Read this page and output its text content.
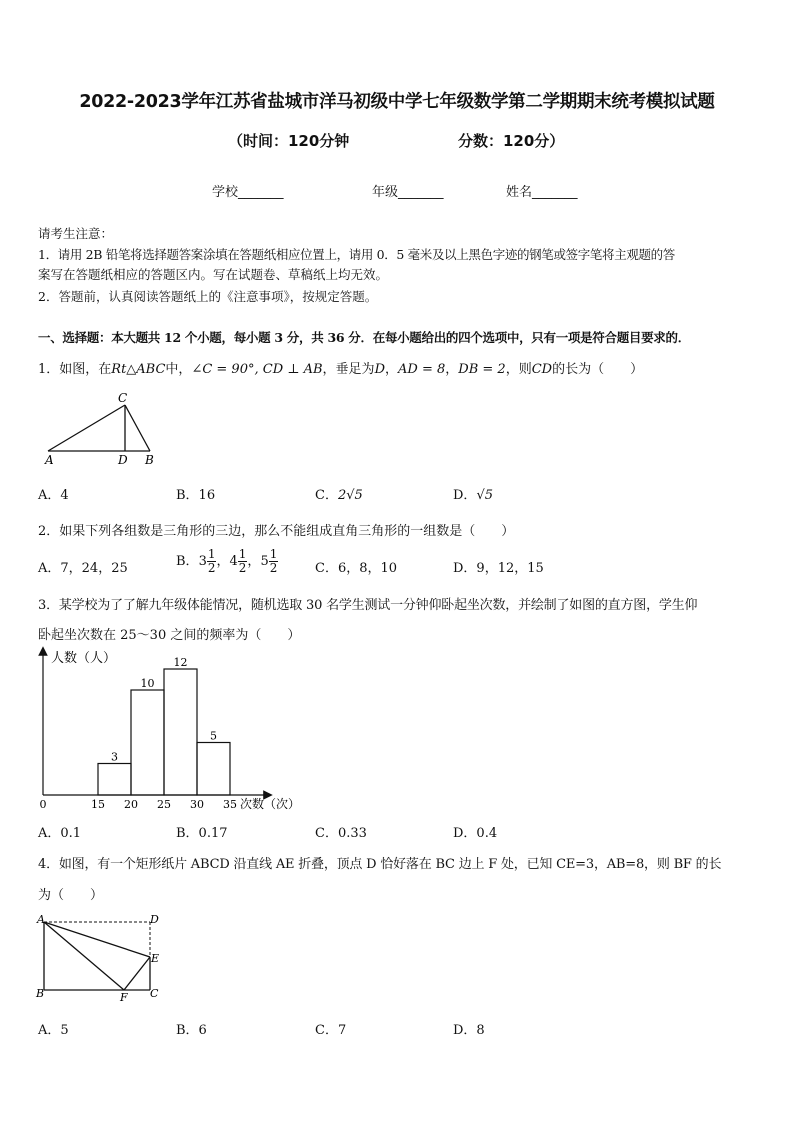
2022-2023学年江苏省盐城市洋马初级中学七年级数学第二学期期末统考模拟试题
（时间：120分钟	分数：120分）
学校_______	年级_______	姓名_______
请考生注意：
1．请用 2B 铅笔将选择题答案涂填在答题纸相应位置上，请用 0．5 毫米及以上黑色字迹的钢笔或签字笔将主观题的答
案写在答题纸相应的答题区内。写在试题卷、草稿纸上均无效。
2．答题前，认真阅读答题纸上的《注意事项》，按规定答题。
一、选择题：本大题共 12 个小题，每小题 3 分，共 36 分．在每小题给出的四个选项中，只有一项是符合题目要求的．
1．如图，在Rt△ABC中，∠C = 90°, CD ⊥ AB，垂足为D，AD = 8，DB = 2，则CD的长为（　　）
C
A	D B
A．4	B．16	C．2√5	D．√5
2．如果下列各组数是三角形的三边，那么不能组成直角三角形的一组数是（　　）
A．7，24，25	B．$3 \frac{1}{2}$ ，$4 \frac{1}{2}$ ，$5 \frac{1}{2}$	C．6，8，10	D．9，12，15
3．某学校为了了解九年级体能情况，随机选取 30 名学生测试一分钟仰卧起坐次数，并绘制了如图的直方图，学生仰
卧起坐次数在 25～30 之间的频率为（　　）
人数（人）
次数（次）
3
10
12
5
0	15 20 25 30 35
A．0.1	B．0.17	C．0.33	D．0.4
4．如图，有一个矩形纸片 ABCD 沿直线 AE 折叠，顶点 D 恰好落在 BC 边上 F 处，已知 CE=3，AB=8，则 BF 的长
为（　　）
A	D
E
B	F C
A．5	B．6	C．7	D．8
